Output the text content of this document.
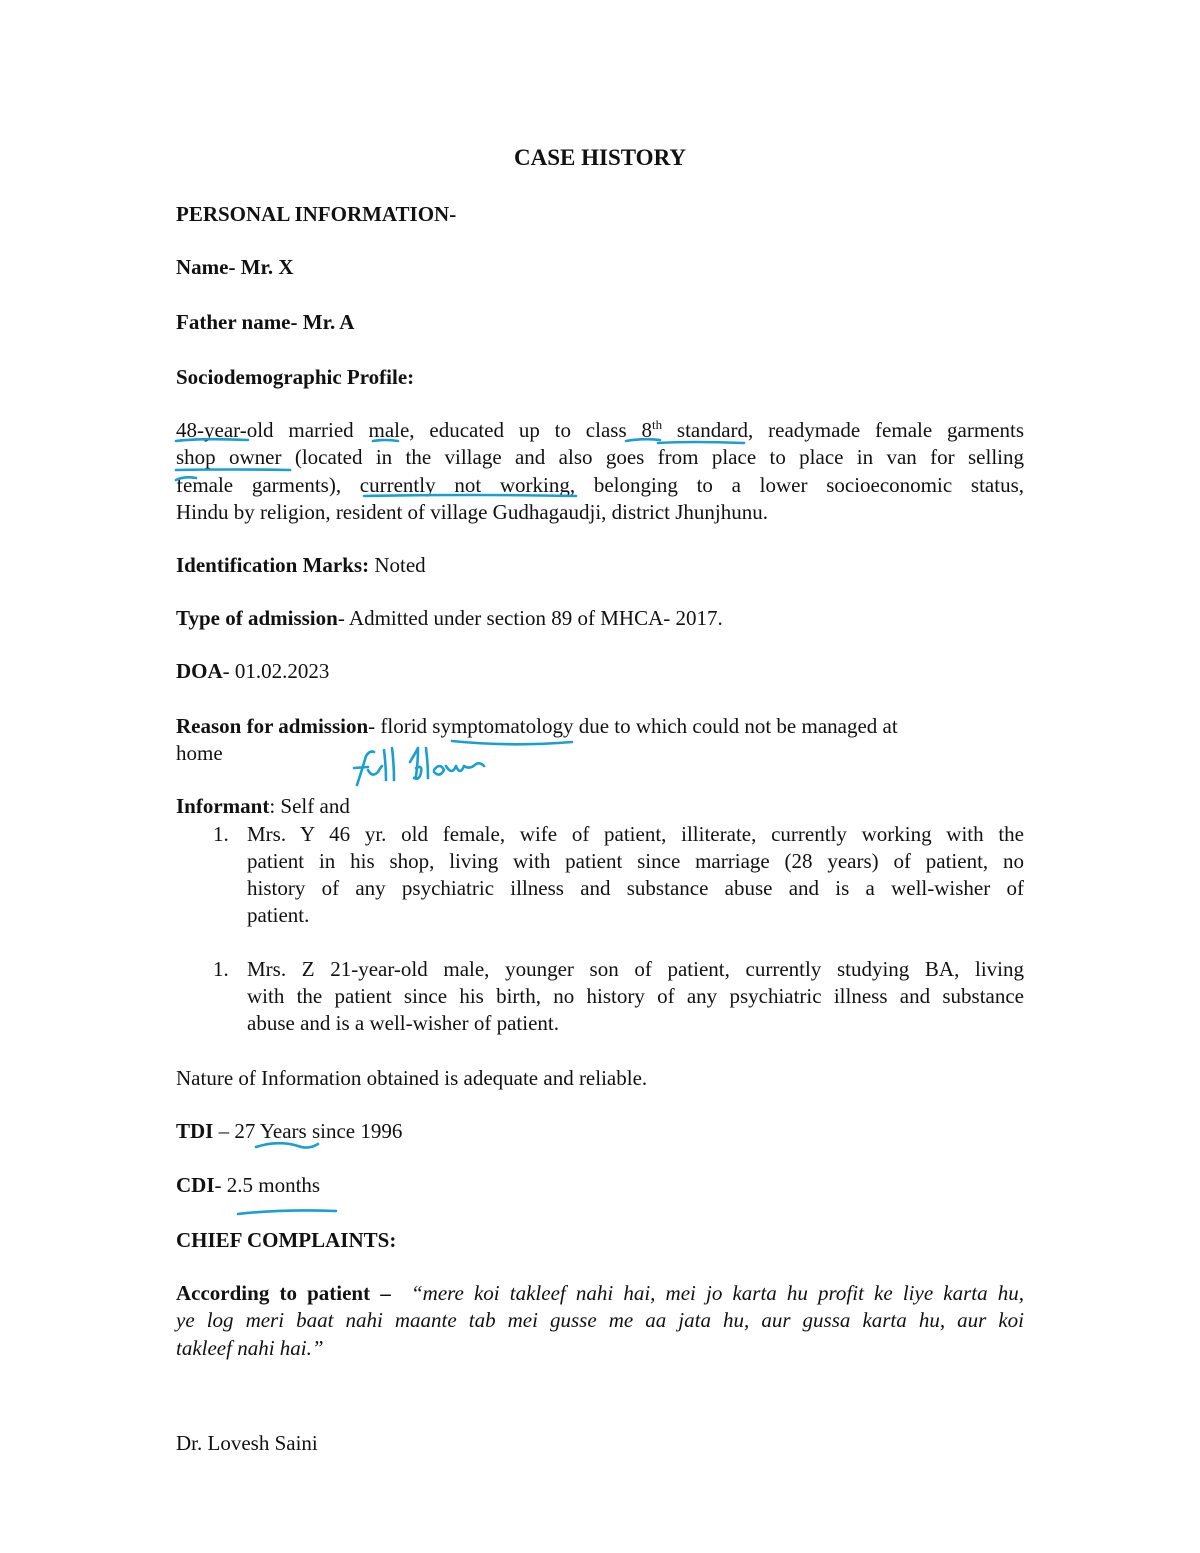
CASE HISTORY
PERSONAL INFORMATION-
Name- Mr. X
Father name- Mr. A
Sociodemographic Profile:
48-year-old married male, educated up to class 8th standard, readymade female garments
shop owner (located in the village and also goes from place to place in van for selling
female garments), currently not working, belonging to a lower socioeconomic status,
Hindu by religion, resident of village Gudhagaudji, district Jhunjhunu.
Identification Marks: Noted
Type of admission- Admitted under section 89 of MHCA- 2017.
DOA- 01.02.2023
Reason for admission- florid symptomatology due to which could not be managed at
home
Informant: Self and
1. Mrs. Y 46 yr. old female, wife of patient, illiterate, currently working with the
patient in his shop, living with patient since marriage (28 years) of patient, no
history of any psychiatric illness and substance abuse and is a well-wisher of
patient.
1. Mrs. Z 21-year-old male, younger son of patient, currently studying BA, living
with the patient since his birth, no history of any psychiatric illness and substance
abuse and is a well-wisher of patient.
Nature of Information obtained is adequate and reliable.
TDI – 27 Years since 1996
CDI- 2.5 months
CHIEF COMPLAINTS:
According to patient – “mere koi takleef nahi hai, mei jo karta hu profit ke liye karta hu,
ye log meri baat nahi maante tab mei gusse me aa jata hu, aur gussa karta hu, aur koi
takleef nahi hai.”
Dr. Lovesh Saini
